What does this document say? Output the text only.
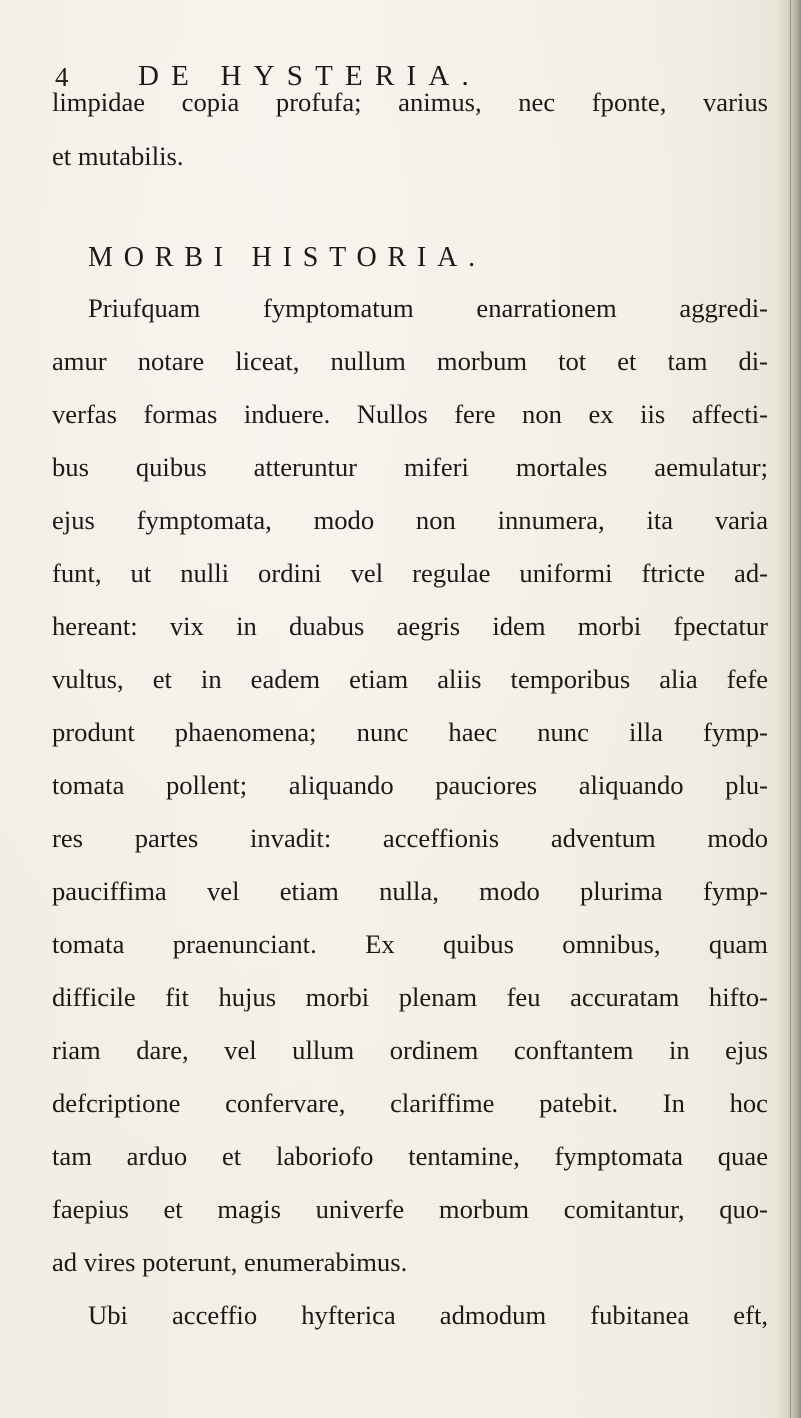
4 DE HYSTERIA.
limpidae copia profufa; animus, nec fponte, varius
et mutabilis.
MORBI HISTORIA.
Priufquam fymptomatum enarrationem aggredi-
amur notare liceat, nullum morbum tot et tam di-
verfas formas induere. Nullos fere non ex iis affecti-
bus quibus atteruntur miferi mortales aemulatur;
ejus fymptomata, modo non innumera, ita varia
funt, ut nulli ordini vel regulae uniformi ftricte ad-
hereant: vix in duabus aegris idem morbi fpectatur
vultus, et in eadem etiam aliis temporibus alia fefe
produnt phaenomena; nunc haec nunc illa fymp-
tomata pollent; aliquando pauciores aliquando plu-
res partes invadit: acceffionis adventum modo
pauciffima vel etiam nulla, modo plurima fymp-
tomata praenunciant. Ex quibus omnibus, quam
difficile fit hujus morbi plenam feu accuratam hifto-
riam dare, vel ullum ordinem conftantem in ejus
defcriptione confervare, clariffime patebit. In hoc
tam arduo et laboriofo tentamine, fymptomata quae
faepius et magis univerfe morbum comitantur, quo-
ad vires poterunt, enumerabimus.
Ubi acceffio hyfterica admodum fubitanea eft,
